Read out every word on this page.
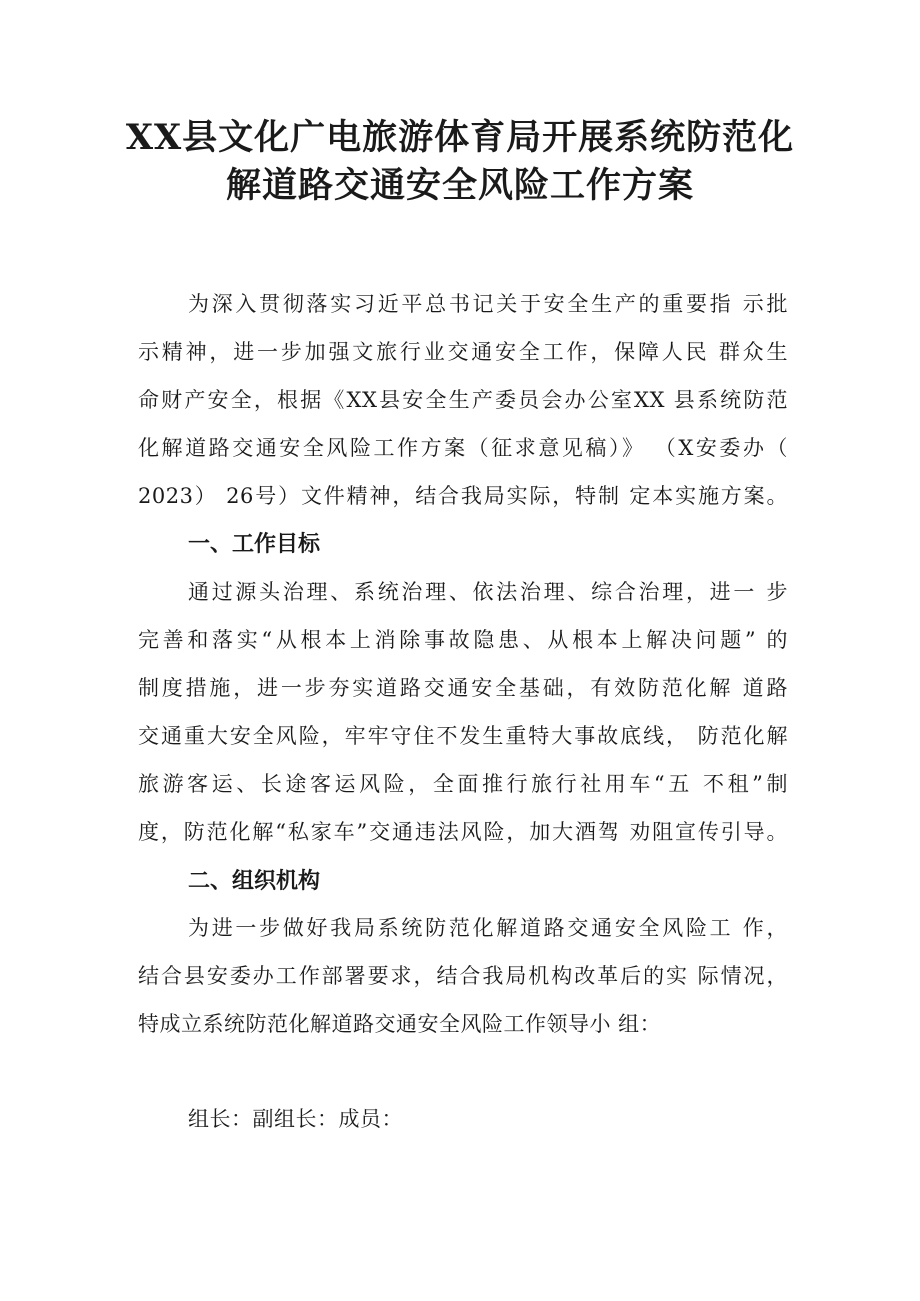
XX县文化广电旅游体育局开展系统防范化
解道路交通安全风险工作方案
为深入贯彻落实习近平总书记关于安全生产的重要指 示批
示精神，进一步加强文旅行业交通安全工作，保障人民 群众生
命财产安全，根据《XX县安全生产委员会办公室XX 县系统防范
化解道路交通安全风险工作方案（征求意见稿）》 （X安委办（
2023） 26号）文件精神，结合我局实际，特制 定本实施方案。
一、工作目标
通过源头治理、系统治理、依法治理、综合治理，进一 步
完善和落实“从根本上消除事故隐患、从根本上解决问题” 的
制度措施，进一步夯实道路交通安全基础，有效防范化解 道路
交通重大安全风险，牢牢守住不发生重特大事故底线， 防范化解
旅游客运、长途客运风险，全面推行旅行社用车“五 不租”制
度，防范化解“私家车”交通违法风险，加大酒驾 劝阻宣传引导。
二、组织机构
为进一步做好我局系统防范化解道路交通安全风险工 作，
结合县安委办工作部署要求，结合我局机构改革后的实 际情况，
特成立系统防范化解道路交通安全风险工作领导小 组：
组长：副组长：成员：
